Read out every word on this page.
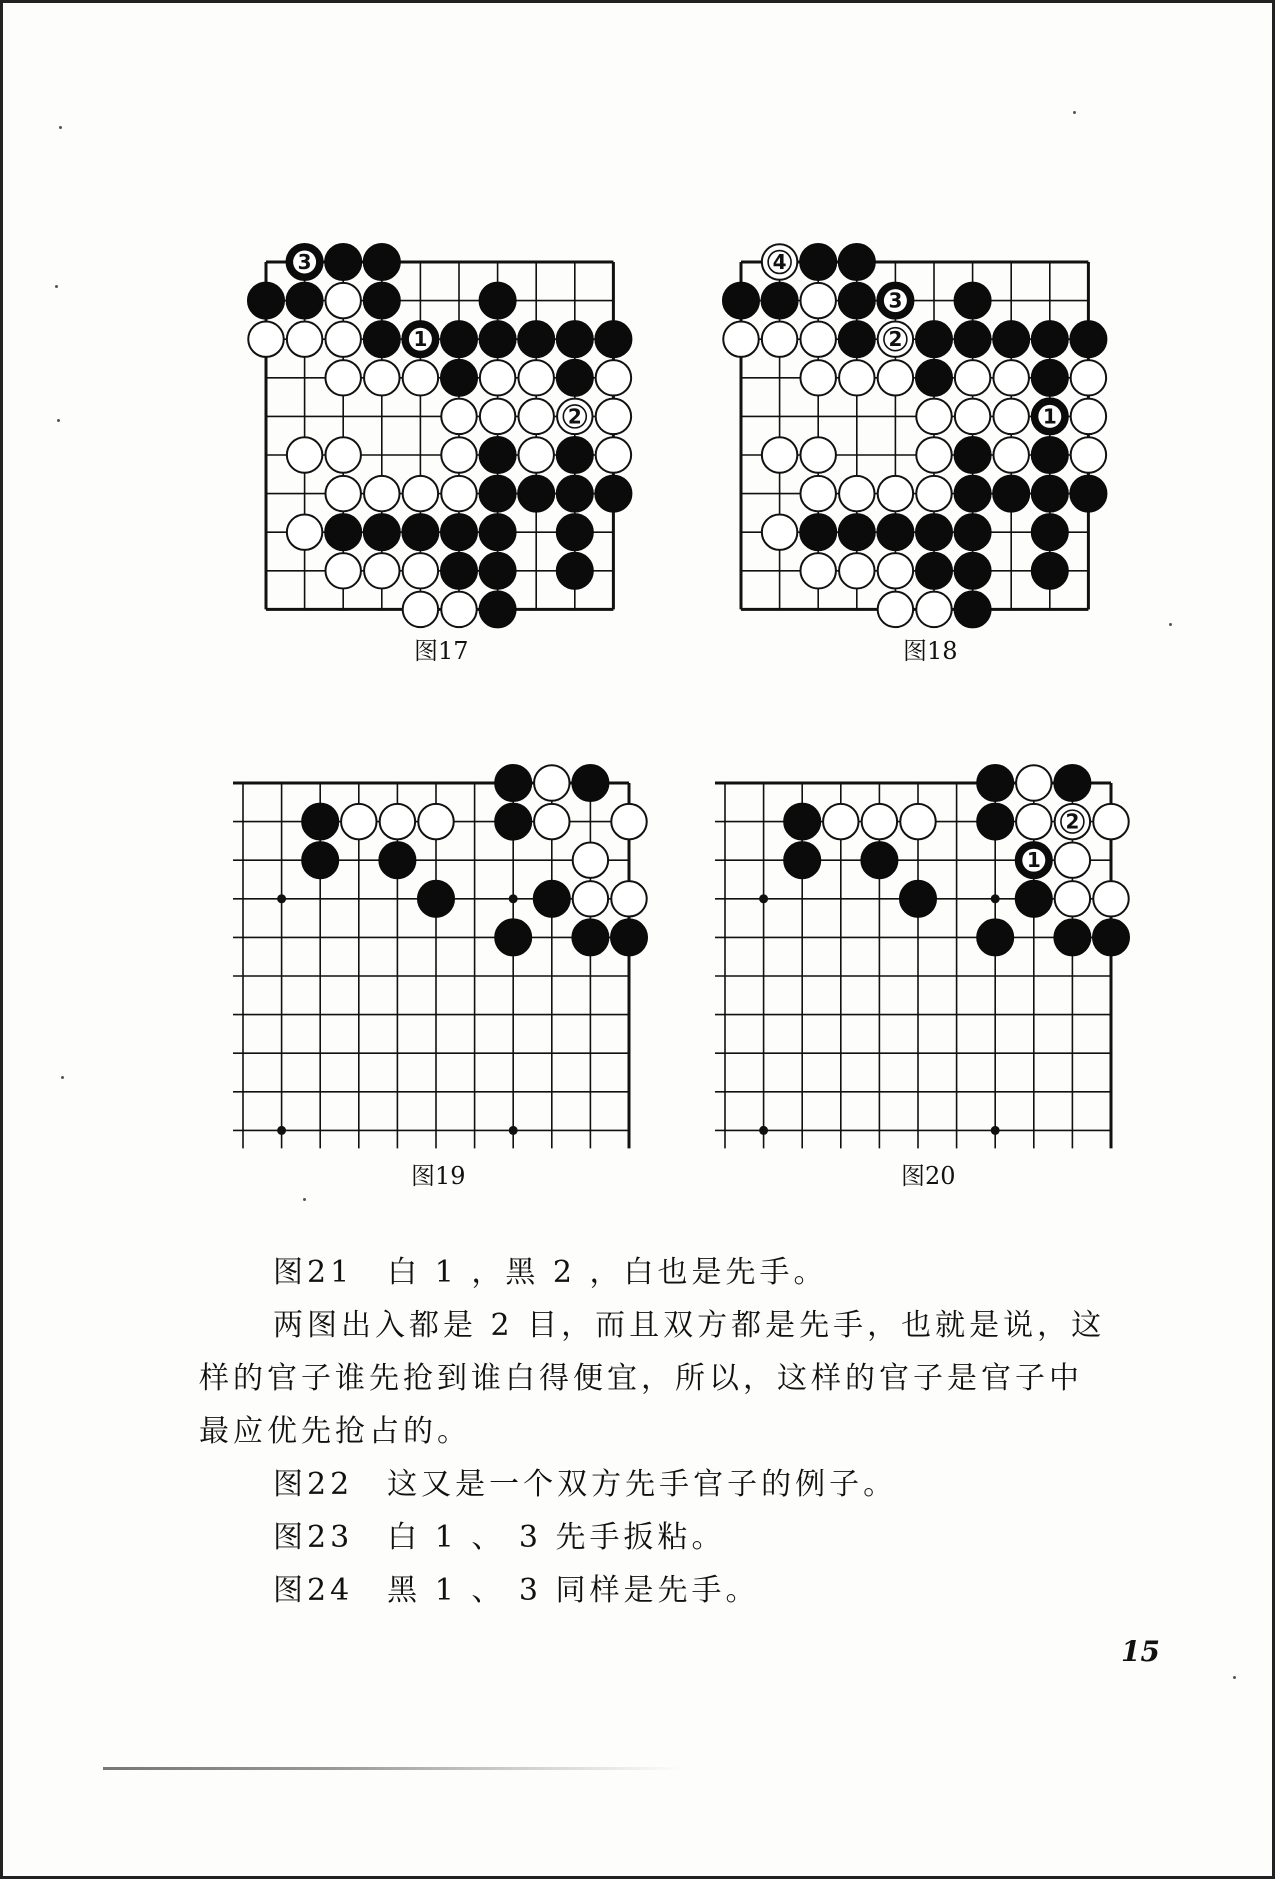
3
1
2
图17
4
3
2
1
图18
图19
2
1
图20

图21　白 1 ，黑 2 ，白也是先手。

两图出入都是 2 目，而且双方都是先手，也就是说，这

样的官子谁先抢到谁白得便宜，所以，这样的官子是官子中

最应优先抢占的。

图22　这又是一个双方先手官子的例子。

图23　白 1 、 3 先手扳粘。

图24　黑 1 、 3 同样是先手。

15
